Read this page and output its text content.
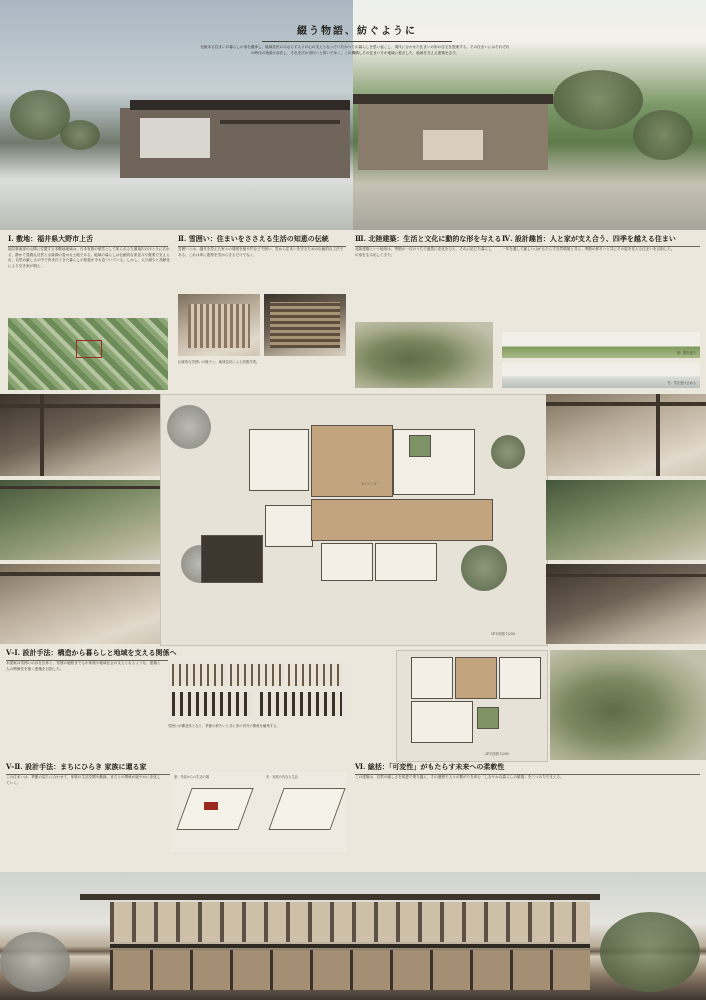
綴う物語、紡ぐように
伝統ある住まいの暮らしの形を継承し、地域住民のみならず人々の心の支えとなっていたかつての暮らしを思い起こし、現代に合わせた住まいの形の住宅を提案する。その住まいにはそれぞれの時代の物語が存在し、それを次の世代へと紡いでゆく。この機構しその住まい方が地域に根ざした、地域を支える建築を志す。
Ⅰ. 敷地：福井県大野市上舌
福井県東部の山間に位置する本敷地地域は、日本有数の豪雪として知られる九頭竜川のほとりに広がる、静かで豊饒な自然と水資源の豊かな土地である。地域の暮らしは伝統的な家並みや農業で支えられ、自然の厳しさの中で育まれてきた暮らしの知恵が今も息づいている。しかし、人口減少と高齢化により空き家が増え、
Ⅱ. 雪囲い：住まいをささえる生活の知恵の伝統
雪囲いとは、越冬を控えた家々の周囲を板や竹などで囲い、雪から住まいを守るための伝統的な工法である。これは単に建物を雪から守るだけでなく、
伝統的な雪囲いの様子と、地域住民による設置作業。
Ⅲ. 北陸建築：生活と文化に動的な形を与える
北陸建築という地形は、季節の一日のうちで風景に変化を与え、それに応じた暮らしの形を生み出してきた。
Ⅳ. 設計趣旨：人と家が支え合う、四季を越える住まい
一年を通して厳しい山がもたらす自然環境と共に、季節の移ろいと共にその姿を変える住まいを目指した。
夏：陽を遮る
冬：雪を受け止める
ダイニング
1F平面図 1/200
Ⅴ-Ⅰ. 設計手法：構造から暮らしと地域を支える関係へ
本提案は雪囲いの存在自体と、雪囲の過程までもが家族や地域社会の支えとなるような、建築と人の関係性を築く建築を目指した。
雪囲いが構造体となり、季節の移ろいと共に家の内外の関係を編集する。
2F平面図 1/200
Ⅴ-Ⅱ. 設計手法：まちにひらき 家族に還る家
この住まいは、季節の巡りに合わせて、家族の生活空間や動線、まちとの関係が緩やかに変化していく。
夏：外部からの生活の場	冬：家族の内なる生活
Ⅵ. 総括：「可変性」がもたらす未来への柔軟性
この建築は、自然の厳しさを知恵で乗り越え、その過程で人々の繋がりを育む「しなやかな暮らしの循環」を三つの力で支える。
